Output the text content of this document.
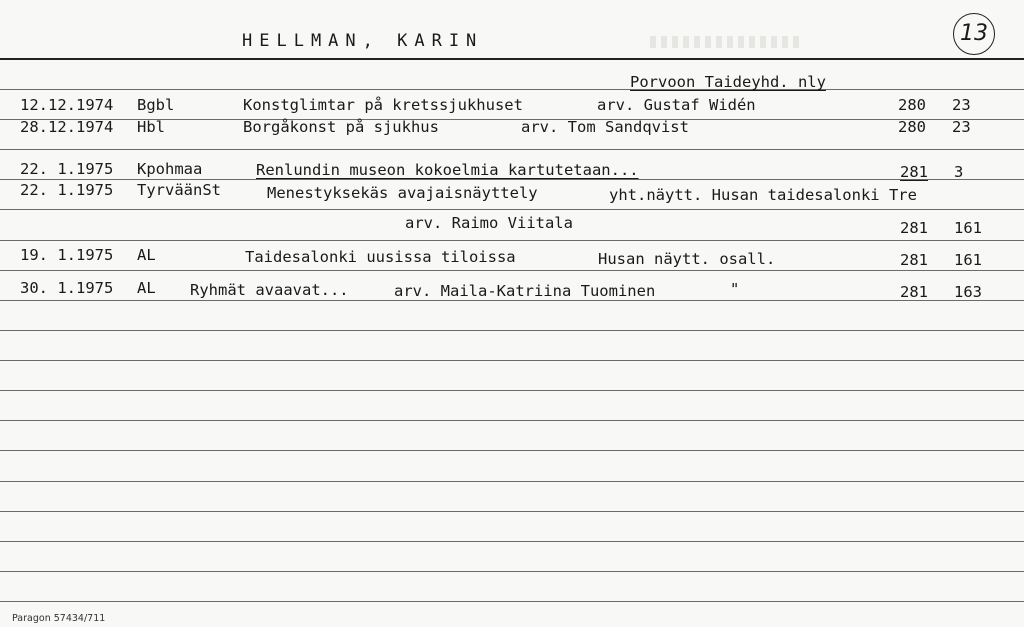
HELLMAN, KARIN	13
Porvoon Taideyhd. nly
12.12.1974 Bgbl	Konstglimtar på kretssjukhuset	arv. Gustaf Widén	280 23
28.12.1974 Hbl	Borgåkonst på sjukhus	arv. Tom Sandqvist	280 23
22. 1.1975 Kpohmaa	Renlundin museon kokoelmia kartutetaan...	281 3
22. 1.1975 TyrväänSt	Menestyksekäs avajaisnäyttely	yht.näytt. Husan taidesalonki Tre
arv. Raimo Viitala	281 161
19. 1.1975 AL	Taidesalonki uusissa tiloissa	Husan näytt. osall.	281 161
30. 1.1975 AL Ryhmät avaavat...	arv. Maila-Katriina Tuominen	"	281 163
Paragon 57434/711
